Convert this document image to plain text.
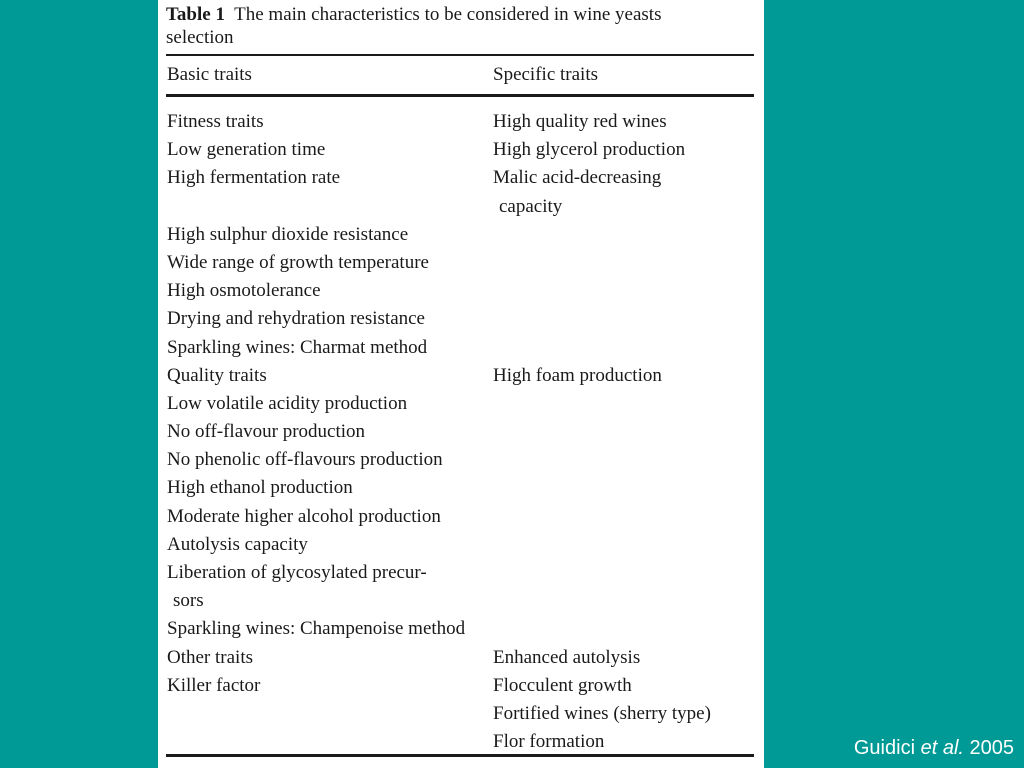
Table 1 The main characteristics to be considered in wine yeasts
selection
Basic traits	Specific traits
Fitness traits
Low generation time
High fermentation rate
High sulphur dioxide resistance
Wide range of growth temperature
High osmotolerance
Drying and rehydration resistance
Sparkling wines: Charmat method
Quality traits
Low volatile acidity production
No off-flavour production
No phenolic off-flavours production
High ethanol production
Moderate higher alcohol production
Autolysis capacity
Liberation of glycosylated precur-
sors
Sparkling wines: Champenoise method
Other traits
Killer factor
High quality red wines
High glycerol production
Malic acid-decreasing
capacity
High foam production
Enhanced autolysis
Flocculent growth
Fortified wines (sherry type)
Flor formation	Guidici et al. 2005
